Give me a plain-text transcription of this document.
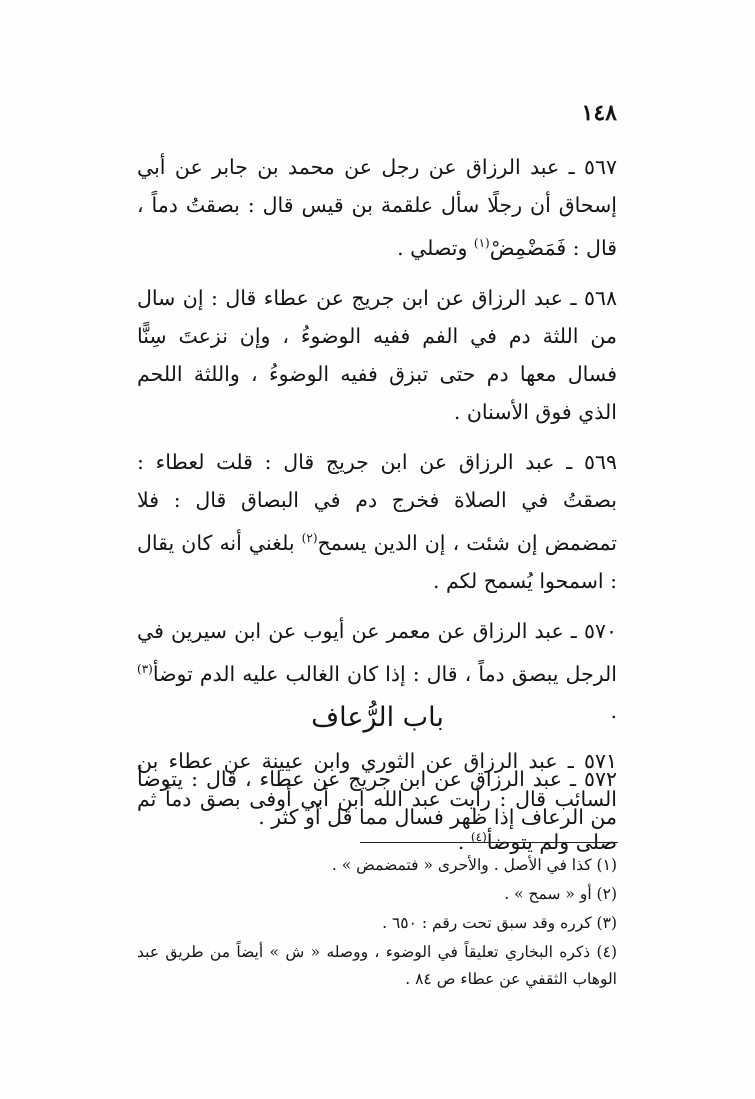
١٤٨

٥٦٧ ـ عبد الرزاق عن رجل عن محمد بن جابر عن أبي إسحاق أن رجلًا سأل علقمة بن قيس قال : بصقتُ دماً ، قال : فَمَضْمِضْ$^{(١)}$ وتصلي .

٥٦٨ ـ عبد الرزاق عن ابن جريج عن عطاء قال : إن سال من اللثة دم في الفم ففيه الوضوءُ ، وإن نزعتَ سِنًّا فسال معها دم حتى تبزق ففيه الوضوءُ ، واللثة اللحم الذي فوق الأسنان .

٥٦٩ ـ عبد الرزاق عن ابن جريج قال : قلت لعطاء : بصقتُ في الصلاة فخرج دم في البصاق قال : فلا تمضمض إن شئت ، إن الدين يسمح$^{(٢)}$ بلغني أنه كان يقال : اسمحوا يُسمح لكم .

٥٧٠ ـ عبد الرزاق عن معمر عن أيوب عن ابن سيرين في الرجل يبصق دماً ، قال : إذا كان الغالب عليه الدم توضأ$^{(٣)}$ .

٥٧١ ـ عبد الرزاق عن الثوري وابن عيينة عن عطاء بن السائب قال : رأيت عبد الله ابن أبي أوفى بصق دماً ثم صلى ولم يتوضأ$^{(٤)}$ .

باب الرُّعاف

٥٧٢ ـ عبد الرزاق عن ابن جريج عن عطاء ، قال : يتوضأ من الرعاف إذا ظهر فسال مما قل أو كثر .

(١) كذا في الأصل . والأحرى « فتمضمض » .

(٢) أو « سمح » .

(٣) كرره وقد سبق تحت رقم : ٦٥٠ .

(٤) ذكره البخاري تعليقاً في الوضوء ، ووصله « ش » أيضاً من طريق عبد الوهاب الثقفي عن عطاء ص ٨٤ .
